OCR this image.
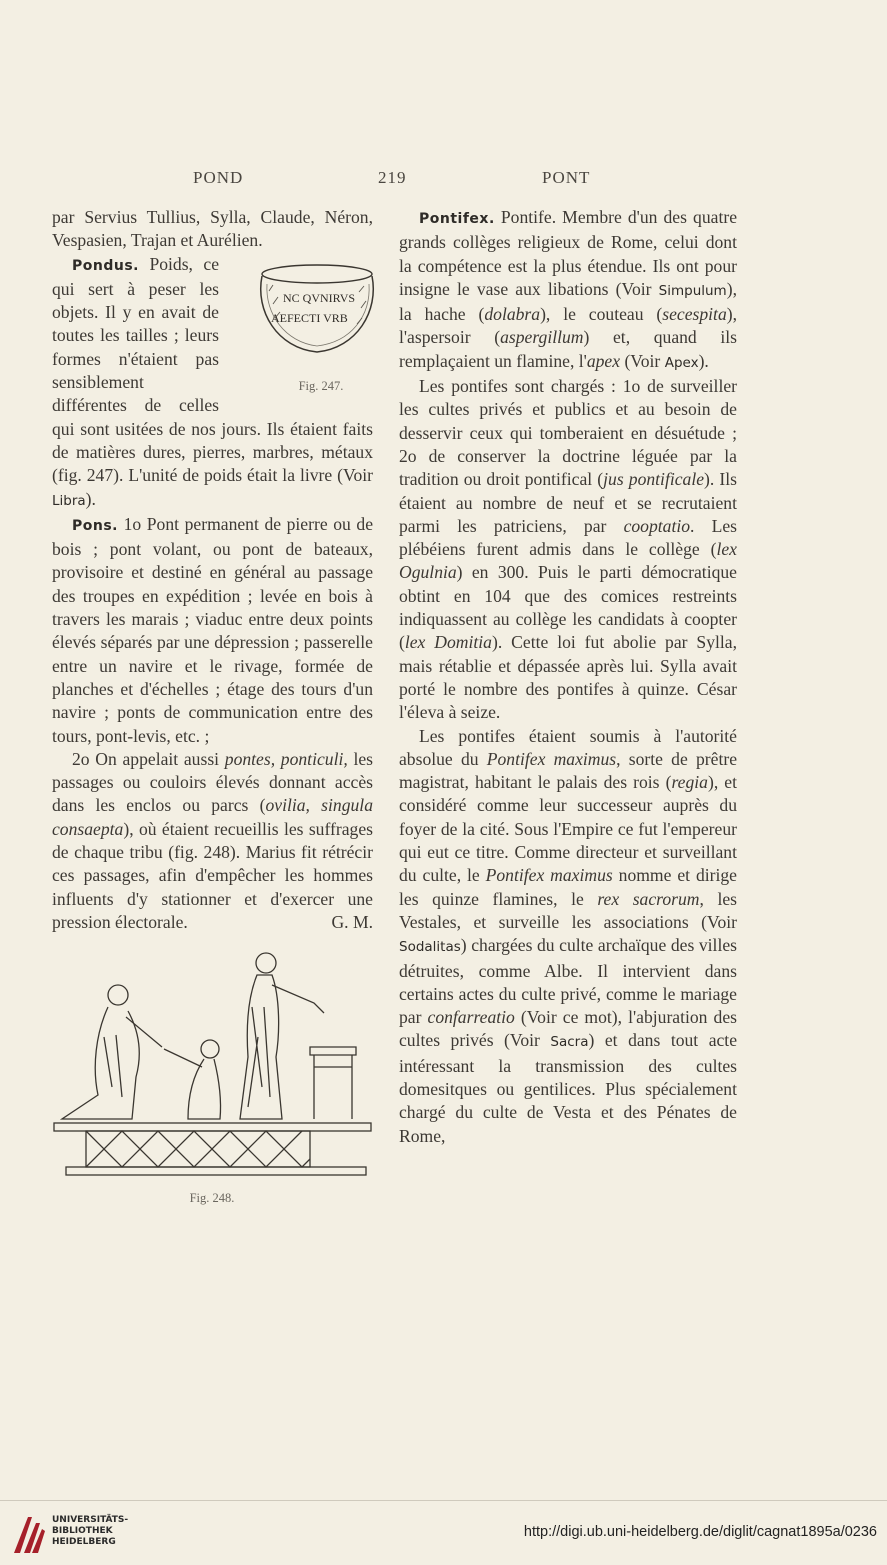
POND	219	PONT

par Servius Tullius, Sylla, Claude, Néron, Vespasien, Trajan et Aurélien.

NC QVNIRVS
AEFECTI VRB
Fig. 247.
Pondus. Poids, ce qui sert à peser les objets. Il y en avait de toutes les tailles ; leurs formes n'étaient pas sensiblement différentes de celles qui sont usitées de nos jours. Ils étaient faits de matières dures, pierres, marbres, métaux (fig. 247). L'unité de poids était la livre (Voir Libra).

Pons. 1o Pont permanent de pierre ou de bois ; pont volant, ou pont de bateaux, provisoire et destiné en général au passage des troupes en expédition ; levée en bois à travers les marais ; viaduc entre deux points élevés séparés par une dépression ; passerelle entre un navire et le rivage, formée de planches et d'échelles ; étage des tours d'un navire ; ponts de communication entre des tours, pont-levis, etc. ;

2o On appelait aussi pontes, ponticuli, les passages ou couloirs élevés donnant accès dans les enclos ou parcs (ovilia, singula consaepta), où étaient recueillis les suffrages de chaque tribu (fig. 248). Marius fit rétrécir ces passages, afin d'empêcher les hommes influents d'y stationner et d'exercer une pression électorale.	G. M.

Fig. 248.

Pontifex. Pontife. Membre d'un des quatre grands collèges religieux de Rome, celui dont la compétence est la plus étendue. Ils ont pour insigne le vase aux libations (Voir Simpulum), la hache (dolabra), le couteau (secespita), l'aspersoir (aspergillum) et, quand ils remplaçaient un flamine, l'apex (Voir Apex).

Les pontifes sont chargés : 1o de surveiller les cultes privés et publics et au besoin de desservir ceux qui tomberaient en désuétude ; 2o de conserver la doctrine léguée par la tradition ou droit pontifical (jus pontificale). Ils étaient au nombre de neuf et se recrutaient parmi les patriciens, par cooptatio. Les plébéiens furent admis dans le collège (lex Ogulnia) en 300. Puis le parti démocratique obtint en 104 que des comices restreints indiquassent au collège les candidats à coopter (lex Domitia). Cette loi fut abolie par Sylla, mais rétablie et dépassée après lui. Sylla avait porté le nombre des pontifes à quinze. César l'éleva à seize.

Les pontifes étaient soumis à l'autorité absolue du Pontifex maximus, sorte de prêtre magistrat, habitant le palais des rois (regia), et considéré comme leur successeur auprès du foyer de la cité. Sous l'Empire ce fut l'empereur qui eut ce titre. Comme directeur et surveillant du culte, le Pontifex maximus nomme et dirige les quinze flamines, le rex sacrorum, les Vestales, et surveille les associations (Voir Sodalitas) chargées du culte archaïque des villes détruites, comme Albe. Il intervient dans certains actes du culte privé, comme le mariage par confarreatio (Voir ce mot), l'abjuration des cultes privés (Voir Sacra) et dans tout acte intéressant la transmission des cultes domesitques ou gentilices. Plus spécialement chargé du culte de Vesta et des Pénates de Rome,

UNIVERSITÄTS-
BIBLIOTHEK
HEIDELBERG
http://digi.ub.uni-heidelberg.de/diglit/cagnat1895a/0236
